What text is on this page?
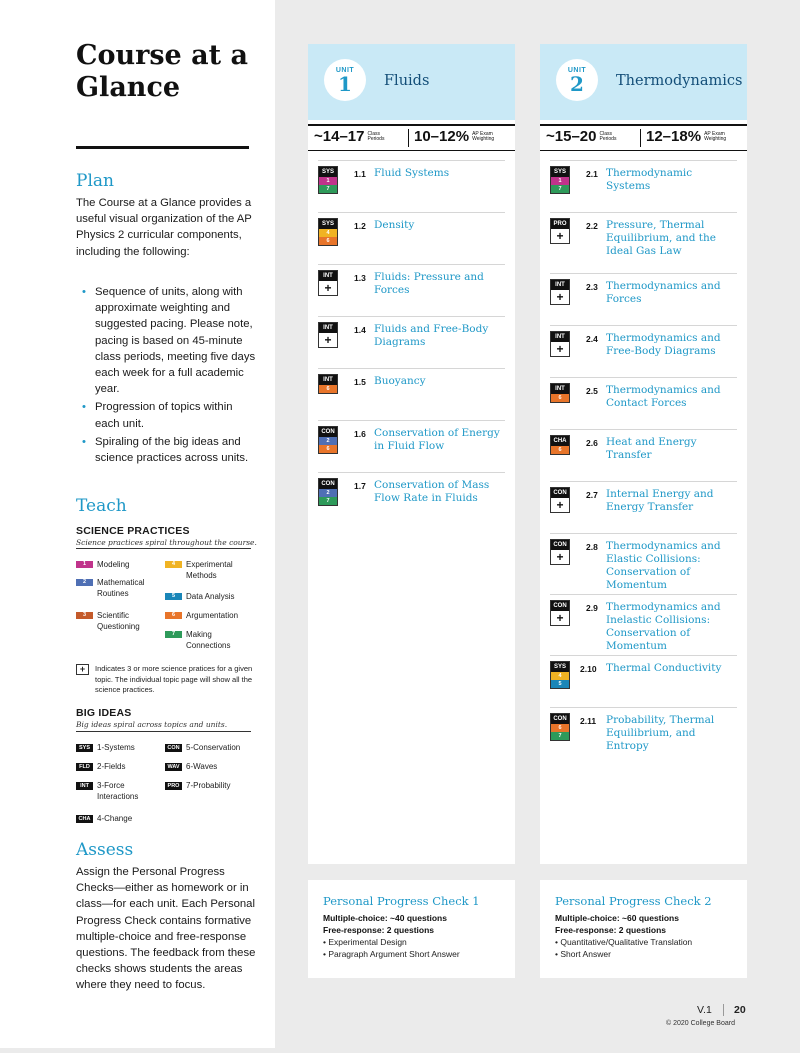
Course at a Glance
Plan
The Course at a Glance provides a useful visual organization of the AP Physics 2 curricular components, including the following:
• Sequence of units, along with approximate weighting and suggested pacing. Please note, pacing is based on 45-minute class periods, meeting five days each week for a full academic year.
• Progression of topics within each unit.
• Spiraling of the big ideas and science practices across units.
Teach
SCIENCE PRACTICES
Science practices spiral throughout the course.
1	Modeling
2	Mathematical Routines
3	Scientific Questioning
4	Experimental Methods
5	Data Analysis
6	Argumentation
7	Making Connections
+	Indicates 3 or more science pratices for a given topic. The individual topic page will show all the science practices.
BIG IDEAS
Big ideas spiral across topics and units.
SYS 1-Systems
FLD 2-Fields
INT	3-Force Interactions
CHA 4-Change
CON 5-Conservation
WAV 6-Waves
PRO 7-Probability
Assess
Assign the Personal Progress Checks—either as homework or in class—for each unit. Each Personal Progress Check contains formative multiple-choice and free-response questions. The feedback from these checks shows students the areas where they need to focus.
UNIT
1	Fluids
~14–17 Class Periods	10–12% AP Exam Weighting
SYS
1
7
1.1 Fluid Systems
SYS
4
6
1.2 Density
INT
+
1.3 Fluids: Pressure and Forces
INT
+
1.4 Fluids and Free-Body Diagrams
INT
6
1.5 Buoyancy
CON
2
6
1.6 Conservation of Energy in Fluid Flow
CON
2
7
1.7 Conservation of Mass Flow Rate in Fluids
Personal Progress Check 1
Multiple-choice: ~40 questions
Free-response: 2 questions
• Experimental Design
• Paragraph Argument Short Answer
UNIT
2	Thermodynamics
~15–20 Class Periods	12–18% AP Exam Weighting
SYS
1
7
2.1 Thermodynamic Systems
PRO
+
2.2 Pressure, Thermal Equilibrium, and the Ideal Gas Law
INT
+
2.3 Thermodynamics and Forces
INT
+
2.4 Thermodynamics and Free-Body Diagrams
INT
6
2.5 Thermodynamics and Contact Forces
CHA
6
2.6 Heat and Energy Transfer
CON
+
2.7 Internal Energy and Energy Transfer
CON
+
2.8 Thermodynamics and Elastic Collisions: Conservation of Momentum
CON
+
2.9 Thermodynamics and Inelastic Collisions: Conservation of Momentum
SYS
4
5
2.10 Thermal Conductivity
CON
6
7
2.11 Probability, Thermal Equilibrium, and Entropy
Personal Progress Check 2
Multiple-choice: ~60 questions
Free-response: 2 questions
• Quantitative/Qualitative Translation
• Short Answer
V.1 20
© 2020 College Board
